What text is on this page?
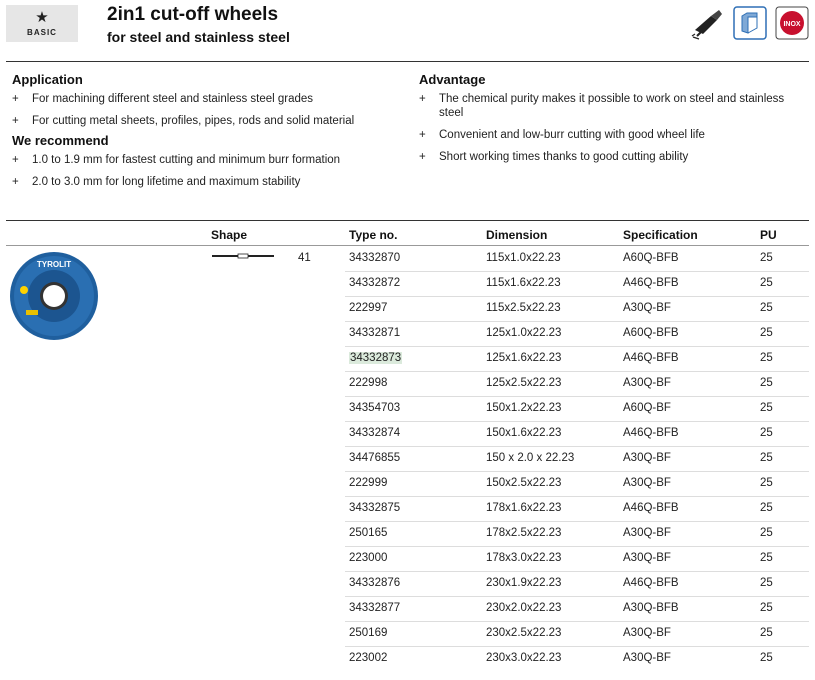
★
BASIC
2in1 cut-off wheels
for steel and stainless steel
INOX
Application
+ For machining different steel and stainless steel grades
+ For cutting metal sheets, profiles, pipes, rods and solid material
We recommend
+ 1.0 to 1.9 mm for fastest cutting and minimum burr formation
+ 2.0 to 3.0 mm for long lifetime and maximum stability
Advantage
+ The chemical purity makes it possible to work on steel and stainless steel
+ Convenient and low-burr cutting with good wheel life
+ Short working times thanks to good cutting ability
Shape	Type no.	Dimension	Specification	PU
TYROLIT
41	34332870	115x1.0x22.23	A60Q-BFB	25
34332872	115x1.6x22.23	A46Q-BFB	25
222997	115x2.5x22.23	A30Q-BF	25
34332871	125x1.0x22.23	A60Q-BFB	25
34332873	125x1.6x22.23	A46Q-BFB	25
222998	125x2.5x22.23	A30Q-BF	25
34354703	150x1.2x22.23	A60Q-BF	25
34332874	150x1.6x22.23	A46Q-BFB	25
34476855	150 x 2.0 x 22.23	A30Q-BF	25
222999	150x2.5x22.23	A30Q-BF	25
34332875	178x1.6x22.23	A46Q-BFB	25
250165	178x2.5x22.23	A30Q-BF	25
223000	178x3.0x22.23	A30Q-BF	25
34332876	230x1.9x22.23	A46Q-BFB	25
34332877	230x2.0x22.23	A30Q-BFB	25
250169	230x2.5x22.23	A30Q-BF	25
223002	230x3.0x22.23	A30Q-BF	25
